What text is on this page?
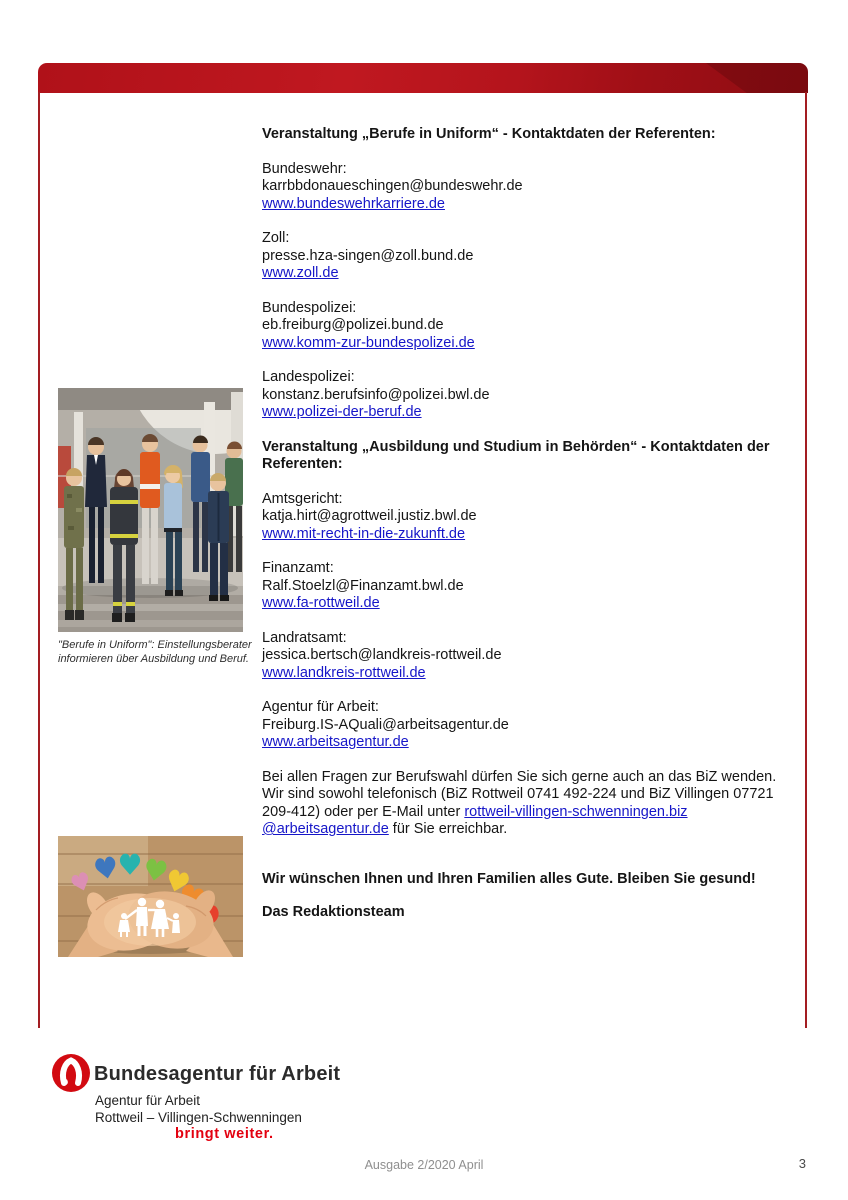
Veranstaltung „Berufe in Uniform“ - Kontaktdaten der Referenten:
Bundeswehr:
karrbbdonaueschingen@bundeswehr.de
www.bundeswehrkarriere.de
Zoll:
presse.hza-singen@zoll.bund.de
www.zoll.de
Bundespolizei:
eb.freiburg@polizei.bund.de
www.komm-zur-bundespolizei.de
Landespolizei:
konstanz.berufsinfo@polizei.bwl.de
www.polizei-der-beruf.de
Veranstaltung „Ausbildung und Studium in Behörden“ - Kontaktdaten der
Referenten:
Amtsgericht:
katja.hirt@agrottweil.justiz.bwl.de
www.mit-recht-in-die-zukunft.de
Finanzamt:
Ralf.Stoelzl@Finanzamt.bwl.de
www.fa-rottweil.de
Landratsamt:
jessica.bertsch@landkreis-rottweil.de
www.landkreis-rottweil.de
Agentur für Arbeit:
Freiburg.IS-AQuali@arbeitsagentur.de
www.arbeitsagentur.de
Bei allen Fragen zur Berufswahl dürfen Sie sich gerne auch an das BiZ wenden.
Wir sind sowohl telefonisch (BiZ Rottweil 0741 492-224 und BiZ Villingen 07721
209-412) oder per E-Mail unter rottweil-villingen-schwenningen.biz
@arbeitsagentur.de für Sie erreichbar.
Wir wünschen Ihnen und Ihren Familien alles Gute. Bleiben Sie gesund!
Das Redaktionsteam
"Berufe in Uniform": Einstellungsberater
informieren über Ausbildung und Beruf.
Bundesagentur für Arbeit
Agentur für Arbeit
Rottweil – Villingen-Schwenningen
bringt weiter.
Ausgabe 2/2020 April	3
